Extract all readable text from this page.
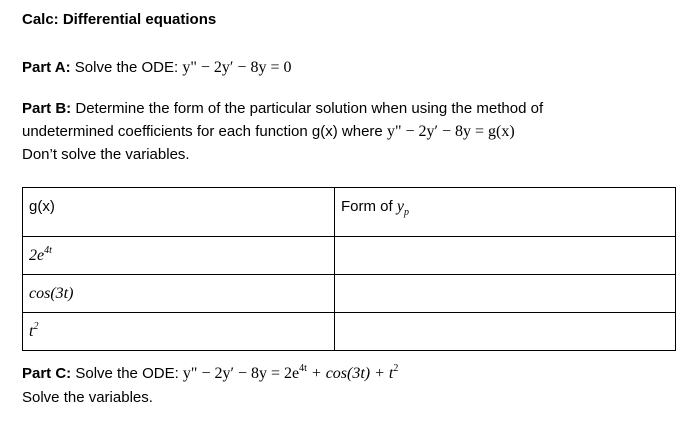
Calc: Differential equations
Part A: Solve the ODE: y" − 2y′ − 8y = 0
Part B: Determine the form of the particular solution when using the method of
undetermined coefficients for each function g(x) where y" − 2y′ − 8y = g(x)
Don’t solve the variables.
g(x)	Form of $y_p$
$2e^{4t}$	
cos(3t)	
$t^2$	
Part C: Solve the ODE: y" − $2y' - 8y = 2e^{4t} + \cos(3t) + t^2$
Solve the variables.
